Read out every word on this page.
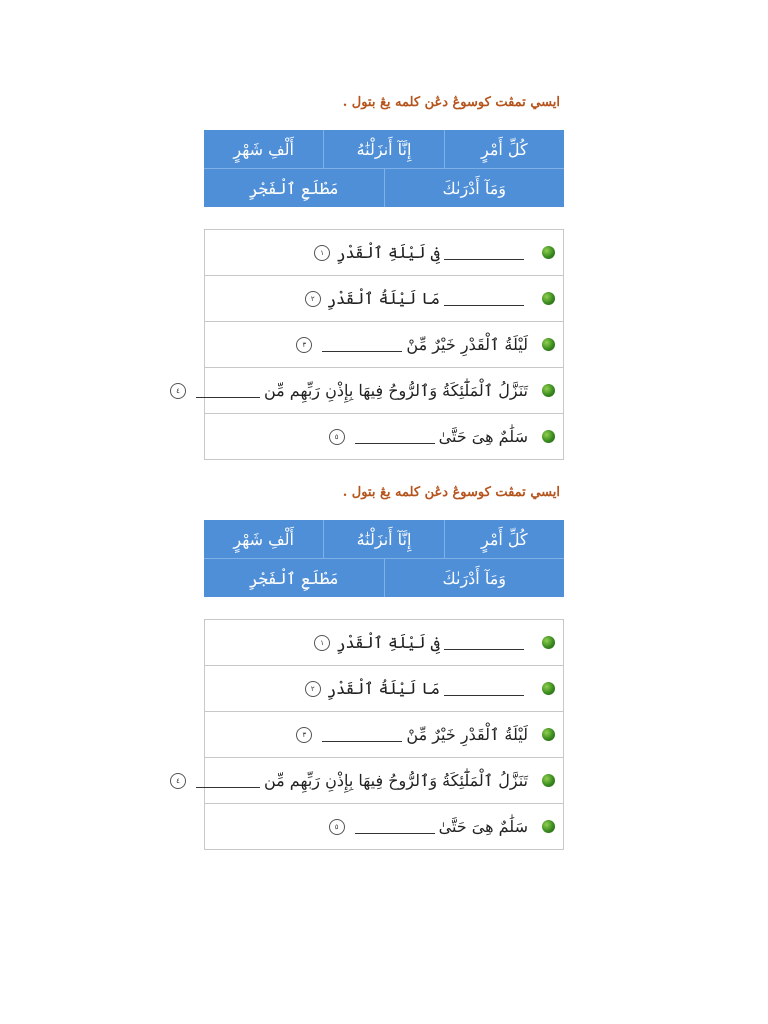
ايسي تمڤت كوسوڠ دڠن كلمه يڠ بتول .
كُلِّ أَمْرٍ
إِنَّآ أَنزَلْنَٰهُ
أَلْفِ شَهْرٍ
وَمَآ أَدْرَىٰكَ
مَطْلَعِ ٱلْفَجْرِ
فِى لَيْلَةِ ٱلْقَدْرِ
١
مَا لَيْلَةُ ٱلْقَدْرِ
٢
لَيْلَةُ ٱلْقَدْرِ خَيْرٌ مِّنْ
٣
تَنَزَّلُ ٱلْمَلَٰٓئِكَةُ وَٱلرُّوحُ فِيهَا بِإِذْنِ رَبِّهِم مِّن
٤
سَلَٰمٌ هِىَ حَتَّىٰ
٥
ايسي تمڤت كوسوڠ دڠن كلمه يڠ بتول .
كُلِّ أَمْرٍ
إِنَّآ أَنزَلْنَٰهُ
أَلْفِ شَهْرٍ
وَمَآ أَدْرَىٰكَ
مَطْلَعِ ٱلْفَجْرِ
فِى لَيْلَةِ ٱلْقَدْرِ
١
مَا لَيْلَةُ ٱلْقَدْرِ
٢
لَيْلَةُ ٱلْقَدْرِ خَيْرٌ مِّنْ
٣
تَنَزَّلُ ٱلْمَلَٰٓئِكَةُ وَٱلرُّوحُ فِيهَا بِإِذْنِ رَبِّهِم مِّن
٤
سَلَٰمٌ هِىَ حَتَّىٰ
٥
